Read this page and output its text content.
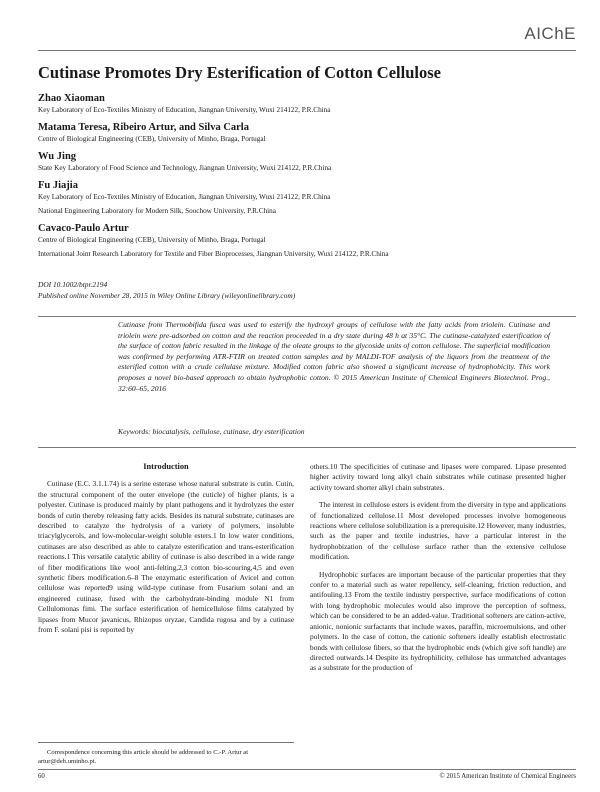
AIChE
Cutinase Promotes Dry Esterification of Cotton Cellulose

Zhao Xiaoman

Key Laboratory of Eco-Textiles Ministry of Education, Jiangnan University, Wuxi 214122, P.R.China

Matama Teresa, Ribeiro Artur, and Silva Carla

Centre of Biological Engineering (CEB), University of Minho, Braga, Portugal

Wu Jing

State Key Laboratory of Food Science and Technology, Jiangnan University, Wuxi 214122, P.R.China

Fu Jiajia

Key Laboratory of Eco-Textiles Ministry of Education, Jiangnan University, Wuxi 214122, P.R.China

National Engineering Laboratory for Modern Silk, Soochow University, P.R.China

Cavaco-Paulo Artur

Centre of Biological Engineering (CEB), University of Minho, Braga, Portugal

International Joint Research Laboratory for Textile and Fiber Bioprocesses, Jiangnan University, Wuxi 214122, P.R.China

DOI 10.1002/btpr.2194
Published online November 28, 2015 in Wiley Online Library (wileyonlinelibrary.com)

Cutinase from Thermobifida fusca was used to esterify the hydroxyl groups of cellulose with the fatty acids from triolein. Cutinase and triolein were pre-adsorbed on cotton and the reaction proceeded in a dry state during 48 h at 35°C. The cutinase-catalyzed esterification of the surface of cotton fabric resulted in the linkage of the oleate groups to the glycoside units of cotton cellulose. The superficial modification was confirmed by performing ATR-FTIR on treated cotton samples and by MALDI-TOF analysis of the liquors from the treatment of the esterified cotton with a crude cellulase mixture. Modified cotton fabric also showed a significant increase of hydrophobicity. This work proposes a novel bio-based approach to obtain hydrophobic cotton. © 2015 American Institute of Chemical Engineers Biotechnol. Prog., 32:60–65, 2016

Keywords: biocatalysis, cellulose, cutinase, dry esterification
Introduction

Cutinase (E.C. 3.1.1.74) is a serine esterase whose natural substrate is cutin. Cutin, the structural component of the outer envelope (the cuticle) of higher plants, is a polyester. Cutinase is produced mainly by plant pathogens and it hydrolyzes the ester bonds of cutin thereby releasing fatty acids. Besides its natural substrate, cutinases are described to catalyze the hydrolysis of a variety of polymers, insoluble triacylglycerols, and low-molecular-weight soluble esters.1 In low water conditions, cutinases are also described as able to catalyze esterification and trans-esterification reactions.1 This versatile catalytic ability of cutinase is also described in a wide range of fiber modifications like wool anti-felting,2,3 cotton bio-scouring,4,5 and even synthetic fibers modification.6–8 The enzymatic esterification of Avicel and cotton cellulose was reported9 using wild-type cutinase from Fusarium solani and an engineered cutinase, fused with the carbohydrate-binding module N1 from Cellulomonas fimi. The surface esterification of hemicellulose films catalyzed by lipases from Mucor javanicus, Rhizopus oryzae, Candida rugosa and by a cutinase from F. solani pisi is reported by

others.10 The specificities of cutinase and lipases were compared. Lipase presented higher activity toward long alkyl chain substrates while cutinase presented higher activity toward shorter alkyl chain substrates.

The interest in cellulose esters is evident from the diversity in type and applications of functionalized cellulose.11 Most developed processes involve homogeneous reactions where cellulose solubilization is a prerequisite.12 However, many industries, such as the paper and textile industries, have a particular interest in the hydrophobization of the cellulose surface rather than the extensive cellulose modification.

Hydrophobic surfaces are important because of the particular properties that they confer to a material such as water repellency, self-cleaning, friction reduction, and antifouling.13 From the textile industry perspective, surface modifications of cotton with long hydrophobic molecules would also improve the perception of softness, which can be considered to be an added-value. Traditional softeners are cation-active, anionic, nonionic surfactants that include waxes, paraffin, microemulsions, and other polymers. In the case of cotton, the cationic softeners ideally establish electrostatic bonds with cellulose fibers, so that the hydrophobic ends (which give soft handle) are directed outwards.14 Despite its hydrophilicity, cellulose has unmatched advantages as a substrate for the production of

Correspondence concerning this article should be addressed to C.-P. Artur at artur@deb.uminho.pt.

60	© 2015 American Institute of Chemical Engineers
